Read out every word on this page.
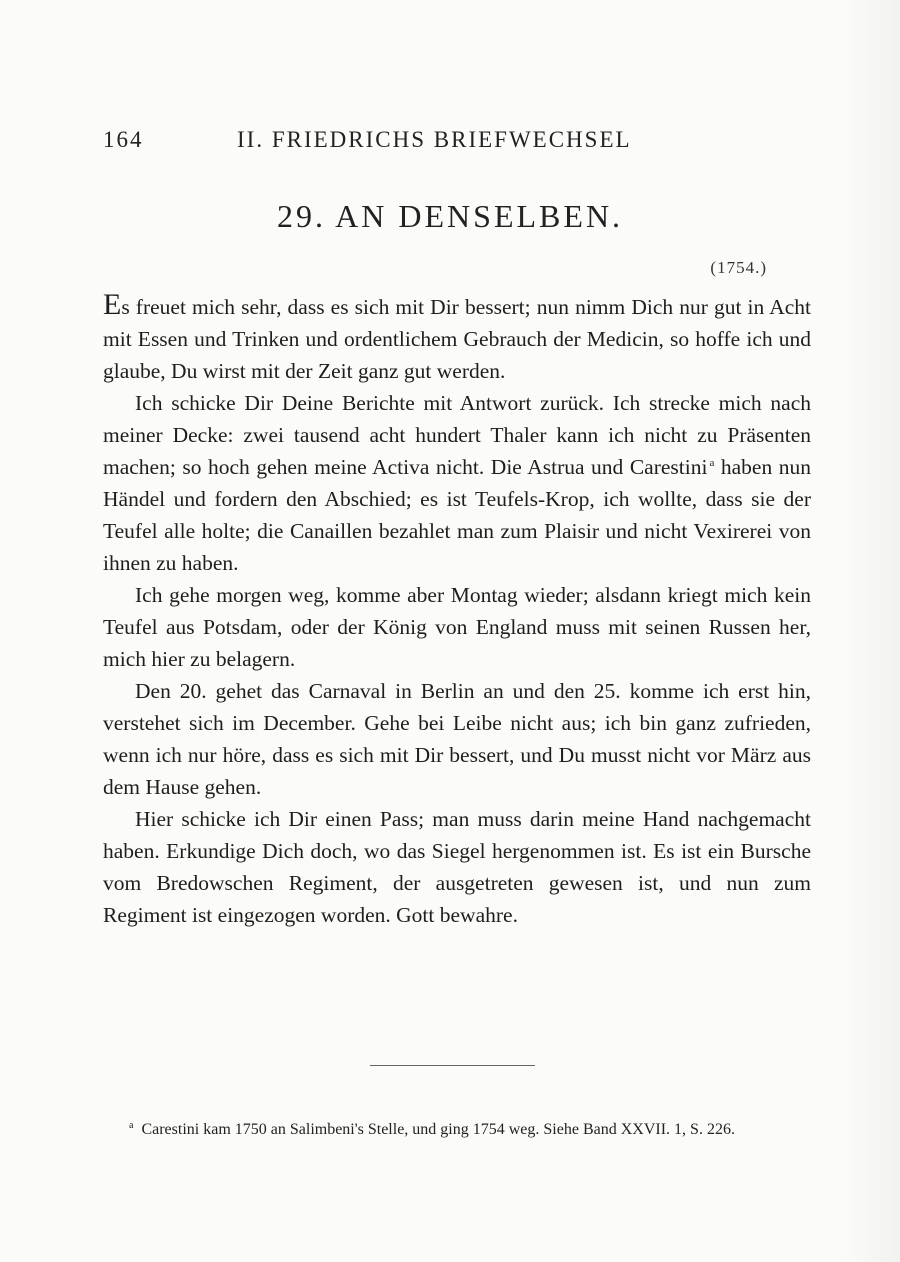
164	II. FRIEDRICHS BRIEFWECHSEL
29. AN DENSELBEN.
(1754.)

Es freuet mich sehr, dass es sich mit Dir bessert; nun nimm Dich nur gut in Acht mit Essen und Trinken und ordentlichem Gebrauch der Medicin, so hoffe ich und glaube, Du wirst mit der Zeit ganz gut werden.

Ich schicke Dir Deine Berichte mit Antwort zurück. Ich strecke mich nach meiner Decke: zwei tausend acht hundert Thaler kann ich nicht zu Präsenten machen; so hoch gehen meine Activa nicht. Die Astrua und Carestini $^a$ haben nun Händel und fordern den Abschied; es ist Teufels-Krop, ich wollte, dass sie der Teufel alle holte; die Canaillen bezahlet man zum Plaisir und nicht Vexirerei von ihnen zu haben.

Ich gehe morgen weg, komme aber Montag wieder; alsdann kriegt mich kein Teufel aus Potsdam, oder der König von England muss mit seinen Russen her, mich hier zu belagern.

Den 20. gehet das Carnaval in Berlin an und den 25. komme ich erst hin, verstehet sich im December. Gehe bei Leibe nicht aus; ich bin ganz zufrieden, wenn ich nur höre, dass es sich mit Dir bessert, und Du musst nicht vor März aus dem Hause gehen.

Hier schicke ich Dir einen Pass; man muss darin meine Hand nachgemacht haben. Erkundige Dich doch, wo das Siegel hergenommen ist. Es ist ein Bursche vom Bredowschen Regiment, der ausgetreten gewesen ist, und nun zum Regiment ist eingezogen worden. Gott bewahre.

$^a$ Carestini kam 1750 an Salimbeni's Stelle, und ging 1754 weg. Siehe Band XXVII. 1, S. 226.
